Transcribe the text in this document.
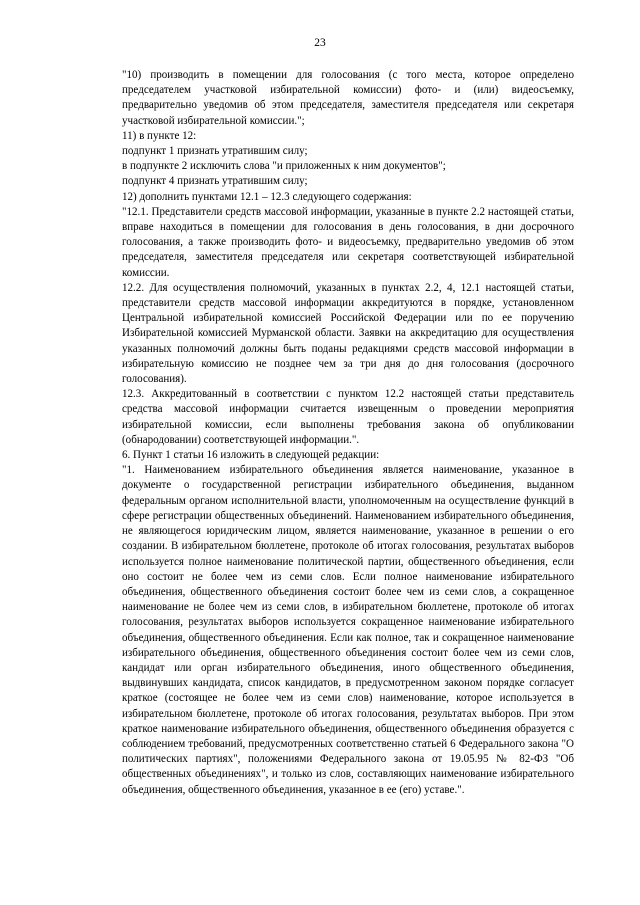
23

"10) производить в помещении для голосования (с того места, которое определено председателем участковой избирательной комиссии) фото- и (или) видеосъемку, предварительно уведомив об этом председателя, заместителя председателя или секретаря участковой избирательной комиссии.";

11) в пункте 12:

подпункт 1 признать утратившим силу;

в подпункте 2 исключить слова "и приложенных к ним документов";

подпункт 4 признать утратившим силу;

12) дополнить пунктами 12.1 – 12.3 следующего содержания:

"12.1. Представители средств массовой информации, указанные в пункте 2.2 настоящей статьи, вправе находиться в помещении для голосования в день голосования, в дни досрочного голосования, а также производить фото- и видеосъемку, предварительно уведомив об этом председателя, заместителя председателя или секретаря соответствующей избирательной комиссии.

12.2. Для осуществления полномочий, указанных в пунктах 2.2, 4, 12.1 настоящей статьи, представители средств массовой информации аккредитуются в порядке, установленном Центральной избирательной комиссией Российской Федерации или по ее поручению Избирательной комиссией Мурманской области. Заявки на аккредитацию для осуществления указанных полномочий должны быть поданы редакциями средств массовой информации в избирательную комиссию не позднее чем за три дня до дня голосования (досрочного голосования).

12.3. Аккредитованный в соответствии с пунктом 12.2 настоящей статьи представитель средства массовой информации считается извещенным о проведении мероприятия избирательной комиссии, если выполнены требования закона об опубликовании (обнародовании) соответствующей информации.".

6. Пункт 1 статьи 16 изложить в следующей редакции:

"1. Наименованием избирательного объединения является наименование, указанное в документе о государственной регистрации избирательного объединения, выданном федеральным органом исполнительной власти, уполномоченным на осуществление функций в сфере регистрации общественных объединений. Наименованием избирательного объединения, не являющегося юридическим лицом, является наименование, указанное в решении о его создании. В избирательном бюллетене, протоколе об итогах голосования, результатах выборов используется полное наименование политической партии, общественного объединения, если оно состоит не более чем из семи слов. Если полное наименование избирательного объединения, общественного объединения состоит более чем из семи слов, а сокращенное наименование не более чем из семи слов, в избирательном бюллетене, протоколе об итогах голосования, результатах выборов используется сокращенное наименование избирательного объединения, общественного объединения. Если как полное, так и сокращенное наименование избирательного объединения, общественного объединения состоит более чем из семи слов, кандидат или орган избирательного объединения, иного общественного объединения, выдвинувших кандидата, список кандидатов, в предусмотренном законом порядке согласует краткое (состоящее не более чем из семи слов) наименование, которое используется в избирательном бюллетене, протоколе об итогах голосования, результатах выборов. При этом краткое наименование избирательного объединения, общественного объединения образуется с соблюдением требований, предусмотренных соответственно статьей 6 Федерального закона "О политических партиях", положениями Федерального закона от 19.05.95 № 82-ФЗ "Об общественных объединениях", и только из слов, составляющих наименование избирательного объединения, общественного объединения, указанное в ее (его) уставе.".
